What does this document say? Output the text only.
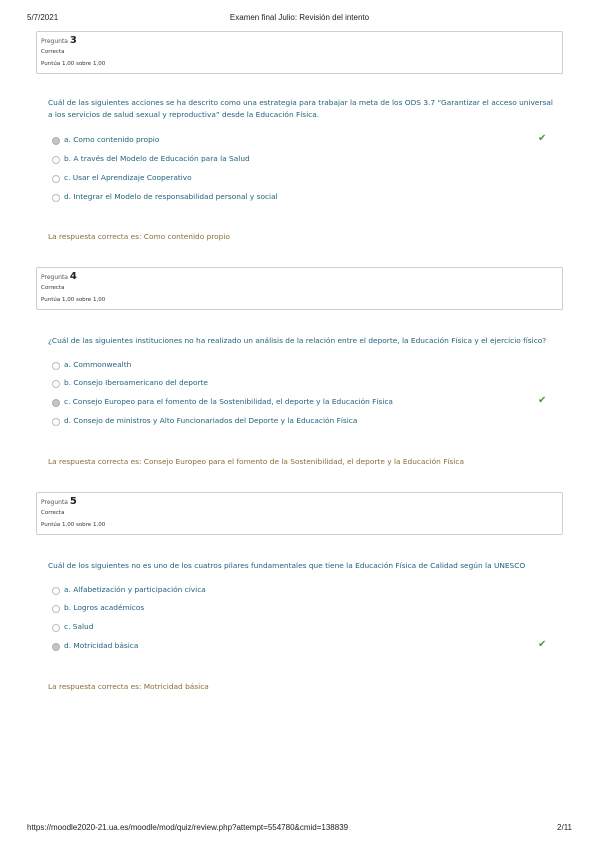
5/7/2021	Examen final Julio: Revisión del intento
Pregunta 3
Correcta
Puntúa 1,00 sobre 1,00
Cuál de las siguientes acciones se ha descrito como una estrategia para trabajar la meta de los ODS 3.7 “Garantizar el acceso universal a los servicios de salud sexual y reproductiva” desde la Educación Física.
a. Como contenido propio	✔
b. A través del Modelo de Educación para la Salud
c. Usar el Aprendizaje Cooperativo
d. Integrar el Modelo de responsabilidad personal y social
La respuesta correcta es: Como contenido propio
Pregunta 4
Correcta
Puntúa 1,00 sobre 1,00
¿Cuál de las siguientes instituciones no ha realizado un análisis de la relación entre el deporte, la Educación Física y el ejercicio físico?
a. Commonwealth
b. Consejo Iberoamericano del deporte
c. Consejo Europeo para el fomento de la Sostenibilidad, el deporte y la Educación Física	✔
d. Consejo de ministros y Alto Funcionariados del Deporte y la Educación Física
La respuesta correcta es: Consejo Europeo para el fomento de la Sostenibilidad, el deporte y la Educación Física
Pregunta 5
Correcta
Puntúa 1,00 sobre 1,00
Cuál de los siguientes no es uno de los cuatros pilares fundamentales que tiene la Educación Física de Calidad según la UNESCO
a. Alfabetización y participación cívica
b. Logros académicos
c. Salud
d. Motricidad básica	✔
La respuesta correcta es: Motricidad básica
https://moodle2020-21.ua.es/moodle/mod/quiz/review.php?attempt=554780&cmid=138839	2/11
